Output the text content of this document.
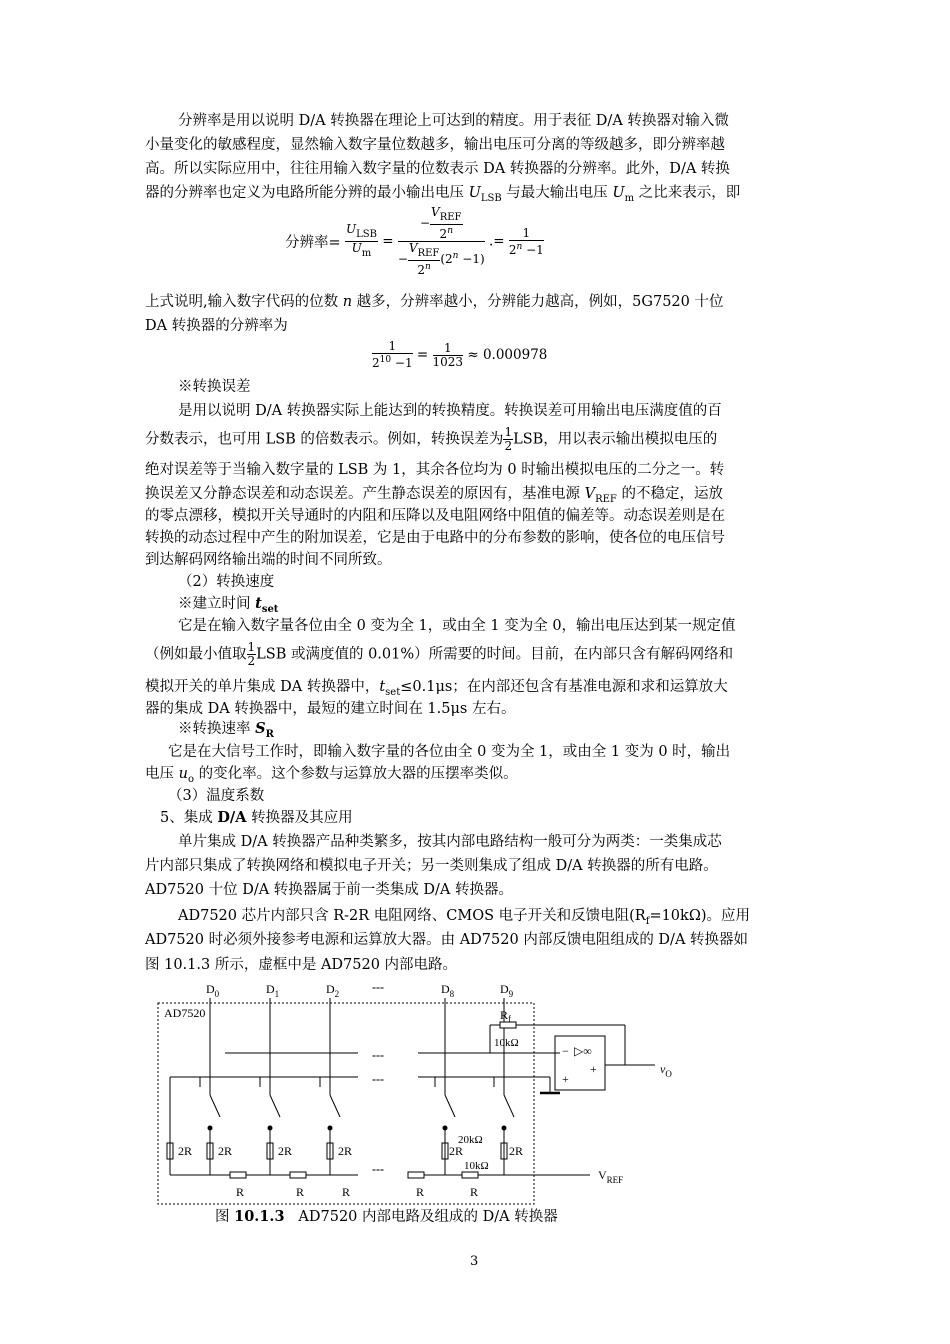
分辨率是用以说明 D/A 转换器在理论上可达到的精度。用于表征 D/A 转换器对输入微
小量变化的敏感程度，显然输入数字量位数越多，输出电压可分离的等级越多，即分辨率越
高。所以实际应用中，往往用输入数字量的位数表示 DA 转换器的分辨率。此外，D/A 转换
器的分辨率也定义为电路所能分辨的最小输出电压 $U_{LSB}$ 与最大输出电压 $U_m$ 之比来表示，即
分辨率= $\frac{U_{LSB}}{U_m} = \frac{- \frac{V_{REF}}{2^n}}{- \frac{V_{REF}}{2^n} (2^n -1)}$ .= $\frac{1}{2^n -1}$
上式说明,输入数字代码的位数 n 越多，分辨率越小，分辨能力越高，例如，5G7520 十位
DA 转换器的分辨率为
$\frac{1}{2^{10} -1} = \frac{1}{1023} \approx 0.000978$
※转换误差
是用以说明 D/A 转换器实际上能达到的转换精度。转换误差可用输出电压满度值的百
分数表示，也可用 LSB 的倍数表示。例如，转换误差为 $\frac{1}{2}$ LSB，用以表示输出模拟电压的
绝对误差等于当输入数字量的 LSB 为 1，其余各位均为 0 时输出模拟电压的二分之一。转
换误差又分静态误差和动态误差。产生静态误差的原因有，基准电源 $V_{REF}$ 的不稳定，运放
的零点漂移，模拟开关导通时的内阻和压降以及电阻网络中阻值的偏差等。动态误差则是在
转换的动态过程中产生的附加误差，它是由于电路中的分布参数的影响，使各位的电压信号
到达解码网络输出端的时间不同所致。
（2）转换速度
※建立时间 $t_{set}$
它是在输入数字量各位由全 0 变为全 1，或由全 1 变为全 0，输出电压达到某一规定值
（例如最小值取 $\frac{1}{2}$ LSB 或满度值的 0.01%）所需要的时间。目前，在内部只含有解码网络和
模拟开关的单片集成 DA 转换器中，$t_{set}\le 0.1\mu s$；在内部还包含有基准电源和求和运算放大
器的集成 DA 转换器中，最短的建立时间在 1.5μs 左右。
※转换速率 $S_R$
它是在大信号工作时，即输入数字量的各位由全 0 变为全 1，或由全 1 变为 0 时，输出
电压 $u_o$ 的变化率。这个参数与运算放大器的压摆率类似。
（3）温度系数
5、集成 D/A 转换器及其应用
单片集成 D/A 转换器产品种类繁多，按其内部电路结构一般可分为两类：一类集成芯
片内部只集成了转换网络和模拟电子开关；另一类则集成了组成 D/A 转换器的所有电路。
AD7520 十位 D/A 转换器属于前一类集成 D/A 转换器。
AD7520 芯片内部只含 R-2R 电阻网络、CMOS 电子开关和反馈电阻$(R_f=10k\Omega)$。应用
AD7520 时必须外接参考电源和运算放大器。由 AD7520 内部反馈电阻组成的 D/A 转换器如
图 10.1.3 所示，虚框中是 AD7520 内部电路。
AD7520
$D_0$	$D_1$	$D_2$	$D_8$	$D_9$
---
---
---
---
$R_f$
10kΩ
− ▷∞
+
+
$v_O$
$V_{REF}$
2R 2R	2R	2R	2R	2R
20kΩ
10kΩ
R	R	R	R	R
图 10.1.3   AD7520 内部电路及组成的 D/A 转换器
3
